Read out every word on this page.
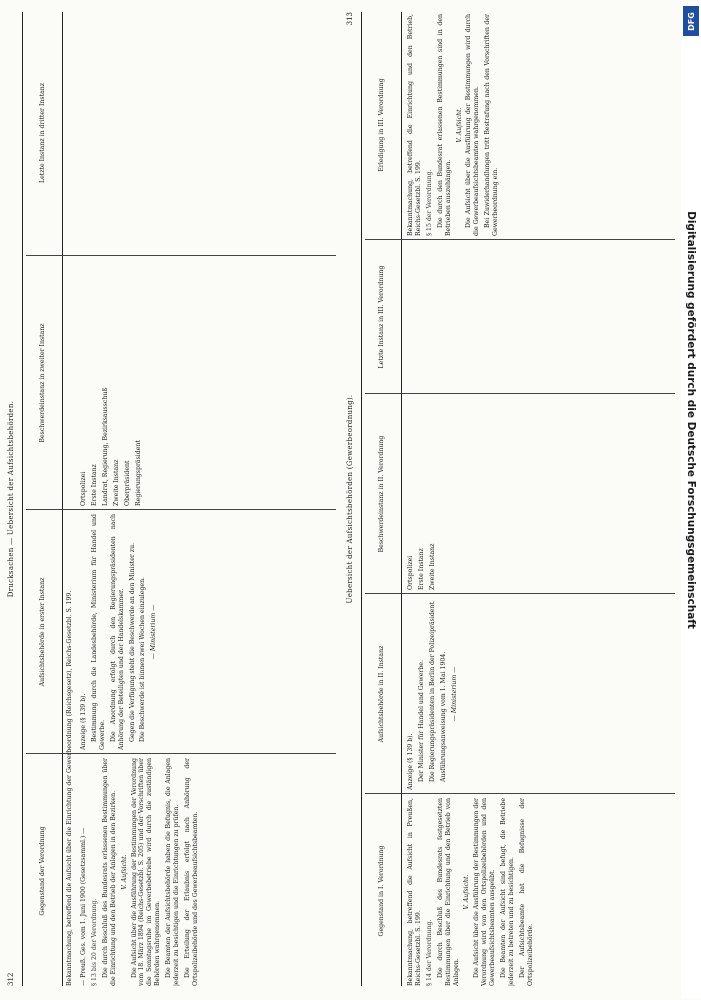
312
Drucksachen — Uebersicht der Aufsichtsbehörden.
Gegenstand der Verordnung
Aufsichtsbehörde in erster Instanz
Beschwerdeinstanz in zweiter Instanz
Letzte Instanz in dritter Instanz

Bekanntmachung, betreffend die Aufsicht über die Einrichtung der Gewerbeordnung (Reichsgesetz), Reichs-Gesetzbl. S. 199. — Preuß. Ges. vom 1. Juni 1900 (Gesetzsamml.) — § 13 bis 20 der Verordnung. Die durch Beschluß des Bundesrats erlassenen Bestimmungen über die Einrichtung und den Betrieb der Anlagen in den Bezirken. V. Aufsicht. Die Aufsicht über die Ausführung der Bestimmungen der Verordnung vom 18. März 1894 (Reichs-Gesetzbl. S. 205) und der Vorschriften über die Sonntagsruhe im Gewerbebetriebe wird durch die zuständigen Behörden wahrgenommen. Die Beamten der Aufsichtsbehörde haben die Befugnis, die Anlagen jederzeit zu besichtigen und die Einrichtungen zu prüfen. Die Erteilung der Erlaubnis erfolgt nach Anhörung der Ortspolizeibehörde und des Gewerbeaufsichtsbeamten.

Anzeige (§ 139 b). Bestimmung durch die Landesbehörde, Ministerium für Handel und Gewerbe. Die Anordnung erfolgt durch den Regierungspräsidenten nach Anhörung der Beteiligten und der Handelskammer. Gegen die Verfügung steht die Beschwerde an den Minister zu. Die Beschwerde ist binnen zwei Wochen einzulegen. — Ministerium —

Ortspolizei Erste Instanz Landrat, Regierung, Bezirksausschuß Zweite Instanz Oberpräsident Regierungspräsident	Uebersicht der Aufsichtsbehörden (Gewerbeordnung).
313
Gegenstand in I. Verordnung
Aufsichtsbehörde in II. Instanz
Beschwerdeinstanz in II. Verordnung
Letzte Instanz in III. Verordnung
Erledigung in III. Verordnung

Bekanntmachung, betreffend die Aufsicht in Preußen, Reichs-Gesetzbl. S. 199. § 14 der Verordnung. Die durch Beschluß des Bundesrats festgesetzten Bestimmungen über die Einrichtung und den Betrieb von Anlagen.

V. Aufsicht. Die Aufsicht über die Ausführung der Bestimmungen der Verordnung wird von den Ortspolizeibehörden und den Gewerbeaufsichtsbeamten ausgeübt. Die Beamten der Aufsicht sind befugt, die Betriebe jederzeit zu betreten und zu besichtigen. Der Aufsichtsbeamte hat die Befugnisse der Ortspolizeibehörde.

Anzeige (§ 139 b). Der Minister für Handel und Gewerbe. Die Regierungspräsidenten in Berlin der Polizeipräsident. Ausführungsanweisung vom 1. Mai 1904. — Ministerium —

Ortspolizei Erste Instanz Zweite Instanz

Bekanntmachung, betreffend die Einrichtung und den Betrieb, Reichs-Gesetzbl. S. 199. § 15 der Verordnung. Die durch den Bundesrat erlassenen Bestimmungen sind in den Betrieben auszuhängen.

V. Aufsicht. Die Aufsicht über die Ausführung der Bestimmungen wird durch die Gewerbeaufsichtsbeamten wahrgenommen. Bei Zuwiderhandlungen tritt Bestrafung nach den Vorschriften der Gewerbeordnung ein.

DFG
Digitalisierung gefördert durch die Deutsche Forschungsgemeinschaft
